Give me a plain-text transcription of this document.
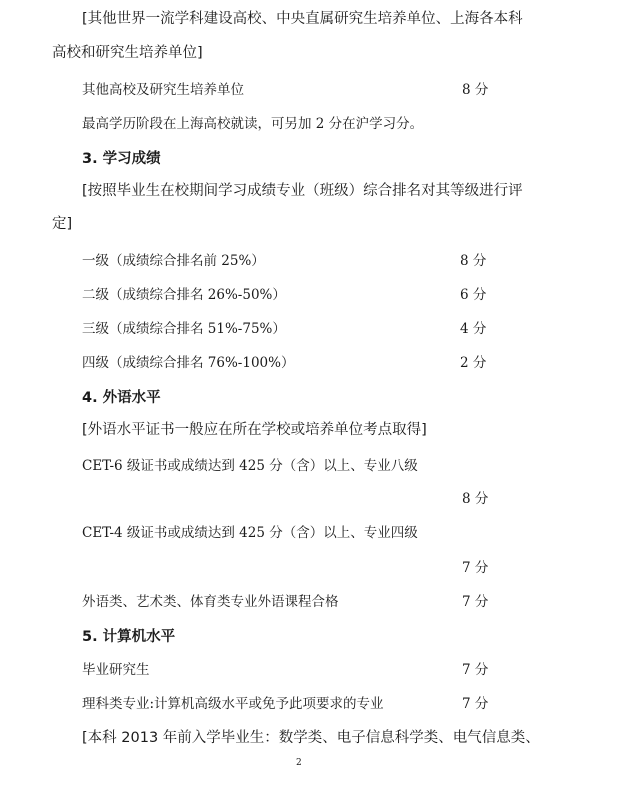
[其他世界一流学科建设高校、中央直属研究生培养单位、上海各本科
高校和研究生培养单位]
其他高校及研究生培养单位	8 分
最高学历阶段在上海高校就读，可另加 2 分在沪学习分。
3. 学习成绩
[按照毕业生在校期间学习成绩专业（班级）综合排名对其等级进行评
定]
一级（成绩综合排名前 25%）	8 分
二级（成绩综合排名 26%-50%）	6 分
三级（成绩综合排名 51%-75%）	4 分
四级（成绩综合排名 76%-100%）	2 分
4. 外语水平
[外语水平证书一般应在所在学校或培养单位考点取得]
CET-6 级证书或成绩达到 425 分（含）以上、专业八级
8 分
CET-4 级证书或成绩达到 425 分（含）以上、专业四级
7 分
外语类、艺术类、体育类专业外语课程合格	7 分
5. 计算机水平
毕业研究生	7 分
理科类专业:计算机高级水平或免予此项要求的专业	7 分
[本科 2013 年前入学毕业生：数学类、电子信息科学类、电气信息类、
2
